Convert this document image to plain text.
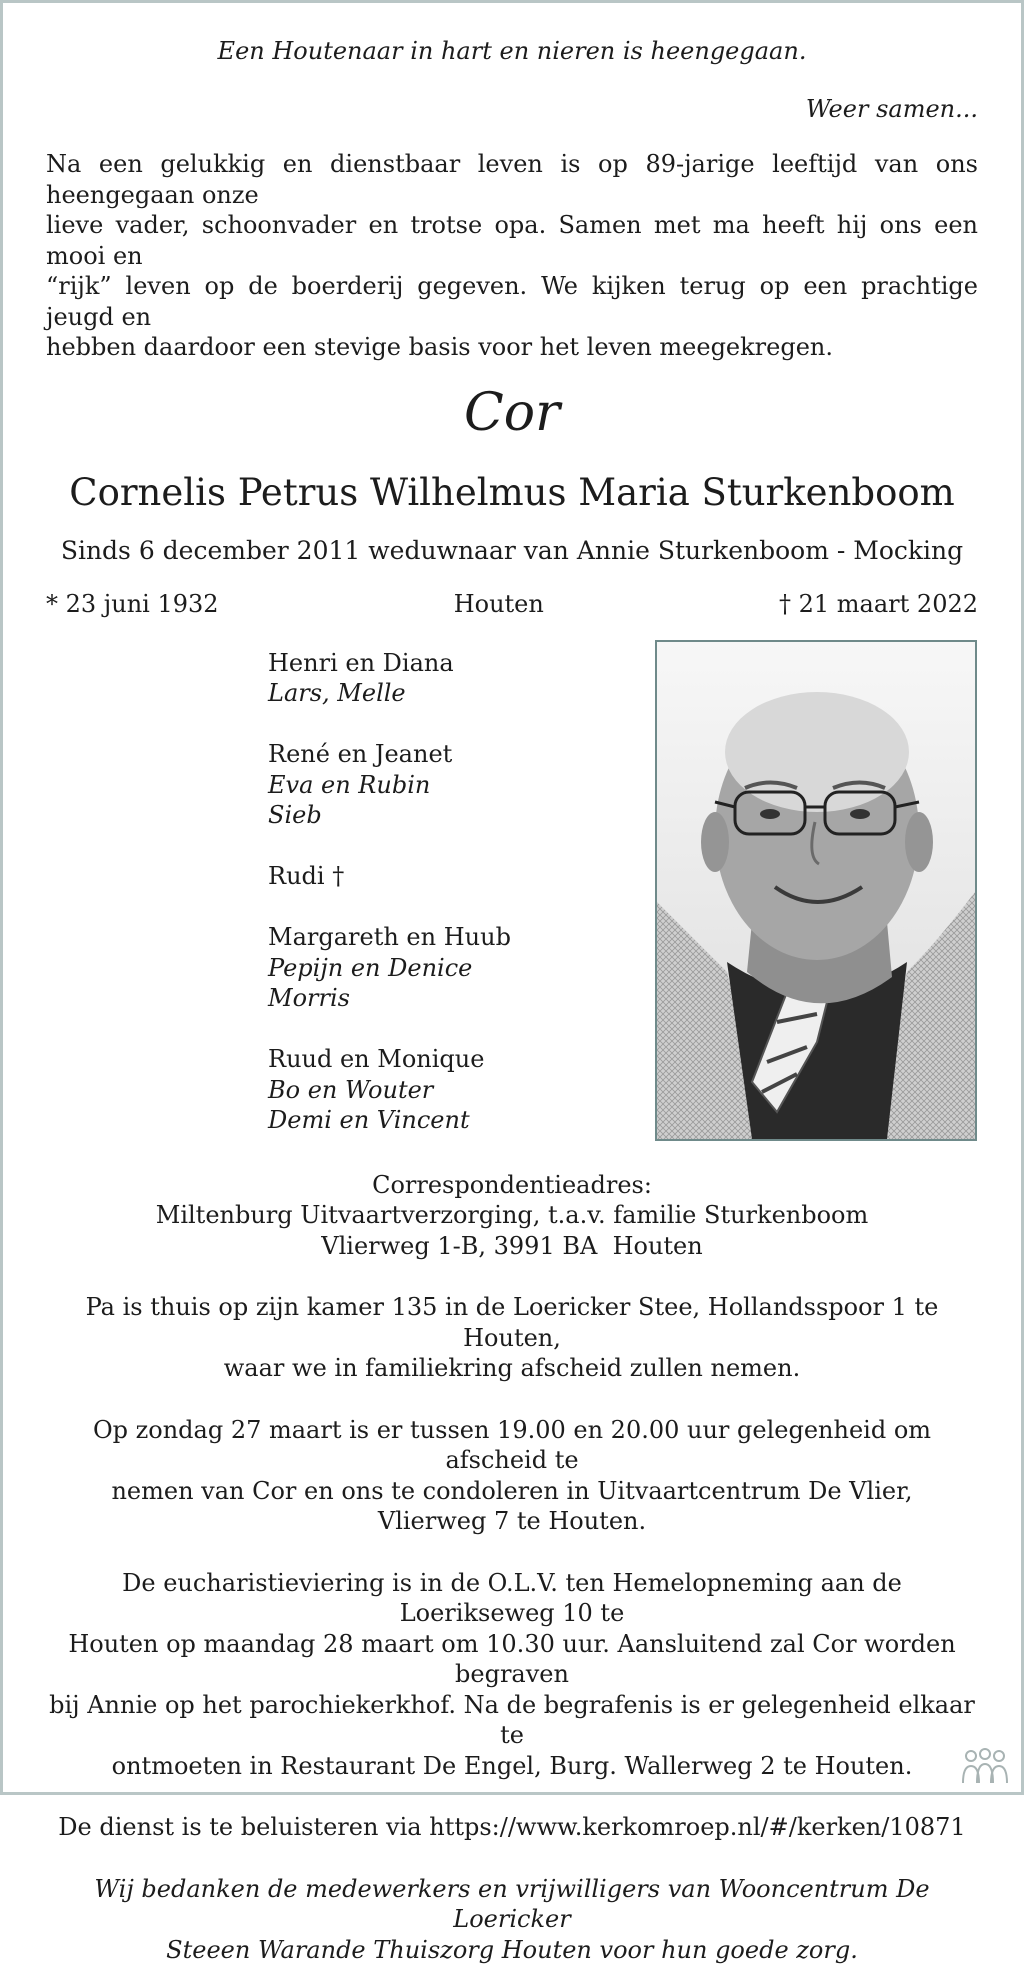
Een Houtenaar in hart en nieren is heengegaan.
Weer samen...
Na een gelukkig en dienstbaar leven is op 89-jarige leeftijd van ons heengegaan onze
lieve vader, schoonvader en trotse opa. Samen met ma heeft hij ons een mooi en
“rijk” leven op de boerderij gegeven. We kijken terug op een prachtige jeugd en
hebben daardoor een stevige basis voor het leven meegekregen.
Cor
Cornelis Petrus Wilhelmus Maria Sturkenboom
Sinds 6 december 2011 weduwnaar van Annie Sturkenboom - Mocking
* 23 juni 1932	Houten	† 21 maart 2022
Henri en Diana
Lars, Melle
René en Jeanet
Eva en Rubin
Sieb
Rudi †
Margareth en Huub
Pepijn en Denice
Morris
Ruud en Monique
Bo en Wouter
Demi en Vincent
Correspondentieadres:
Miltenburg Uitvaartverzorging, t.a.v. familie Sturkenboom
Vlierweg 1-B, 3991 BA  Houten
Pa is thuis op zijn kamer 135 in de Loericker Stee, Hollandsspoor 1 te Houten,
waar we in familiekring afscheid zullen nemen.
Op zondag 27 maart is er tussen 19.00 en 20.00 uur gelegenheid om afscheid te
nemen van Cor en ons te condoleren in Uitvaartcentrum De Vlier,
Vlierweg 7 te Houten.
De eucharistieviering is in de O.L.V. ten Hemelopneming aan de Loerikseweg 10 te
Houten op maandag 28 maart om 10.30 uur. Aansluitend zal Cor worden begraven
bij Annie op het parochiekerkhof. Na de begrafenis is er gelegenheid elkaar te
ontmoeten in Restaurant De Engel, Burg. Wallerweg 2 te Houten.
De dienst is te beluisteren via https://www.kerkomroep.nl/#/kerken/10871
Wij bedanken de medewerkers en vrijwilligers van Wooncentrum De Loericker
Steeen Warande Thuiszorg Houten voor hun goede zorg.
